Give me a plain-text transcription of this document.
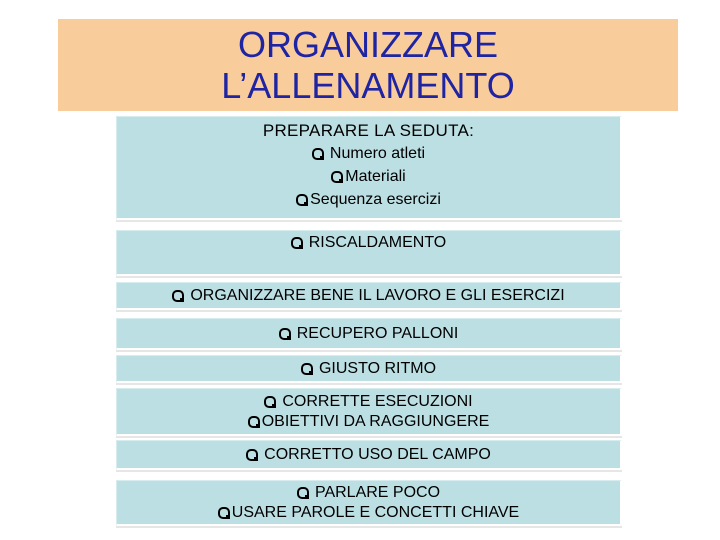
ORGANIZZARE
L’ALLENAMENTO
PREPARARE LA SEDUTA:
Numero atleti
Materiali
Sequenza esercizi
RISCALDAMENTO
ORGANIZZARE BENE IL LAVORO E GLI ESERCIZI
RECUPERO PALLONI
GIUSTO RITMO
CORRETTE ESECUZIONI
OBIETTIVI DA RAGGIUNGERE
CORRETTO USO DEL CAMPO
PARLARE POCO
USARE PAROLE E CONCETTI CHIAVE
